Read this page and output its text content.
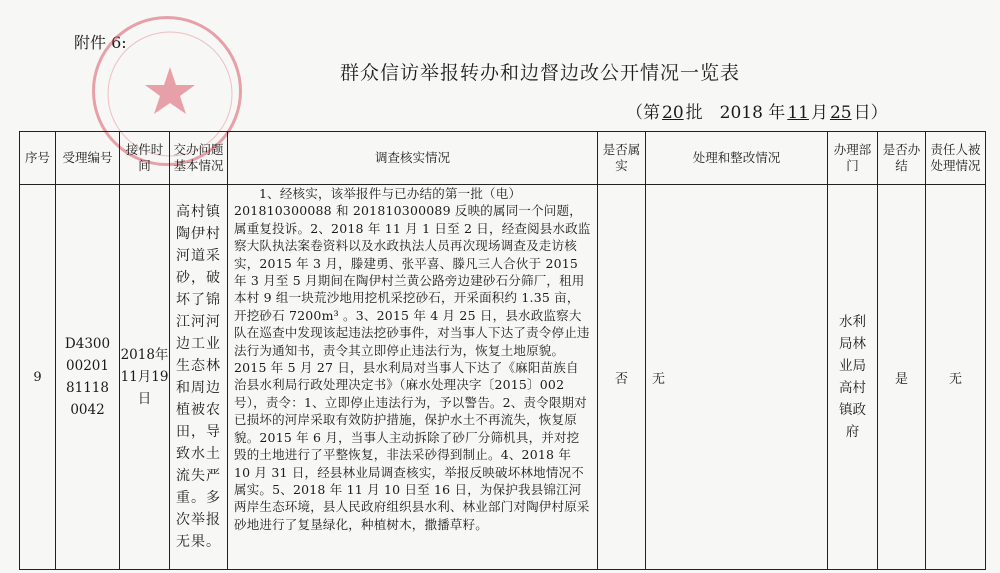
附件 6:
群众信访举报转办和边督边改公开情况一览表
（第 20 批　2018 年 11 月 25 日）
序号	受理编号	接件时间	交办问题基本情况	调查核实情况	是否属实	处理和整改情况	办理部门	是否办结	责任人被处理情况
9	D4300 00201 81118 0042	2018年11月19日	高村镇陶伊村河道采砂，破坏了锦江河河边工业生态林和周边植被农田，导致水土流失严重。多次举报无果。	1、经核实，该举报件与已办结的第一批（电）201810300088 和 201810300089 反映的属同一个问题，属重复投诉。2、2018 年 11 月 1 日至 2 日，经查阅县水政监察大队执法案卷资料以及水政执法人员再次现场调查及走访核实，2015 年 3 月，滕建勇、张平喜、滕凡三人合伙于 2015 年 3 月至 5 月期间在陶伊村兰黄公路旁边建砂石分筛厂，租用本村 9 组一块荒沙地用挖机采挖砂石，开采面积约 1.35 亩，开挖砂石 7200m³ 。3、2015 年 4 月 25 日，县水政监察大队在巡查中发现该起违法挖砂事件，对当事人下达了责令停止违法行为通知书，责令其立即停止违法行为，恢复土地原貌。2015 年 5 月 27 日，县水利局对当事人下达了《麻阳苗族自治县水利局行政处理决定书》（麻水处理决字〔2015〕002 号），责令：1、立即停止违法行为，予以警告。2、责令限期对已损坏的河岸采取有效防护措施，保护水土不再流失，恢复原貌。2015 年 6 月，当事人主动拆除了砂厂分筛机具，并对挖毁的土地进行了平整恢复，非法采砂得到制止。4、2018 年 10 月 31 日，经县林业局调查核实，举报反映破坏林地情况不属实。5、2018 年 11 月 10 日至 16 日，为保护我县锦江河两岸生态环境，县人民政府组织县水利、林业部门对陶伊村原采砂地进行了复垦绿化，种植树木，撒播草籽。	否	无	水利局林业局高村镇政府	是	无
